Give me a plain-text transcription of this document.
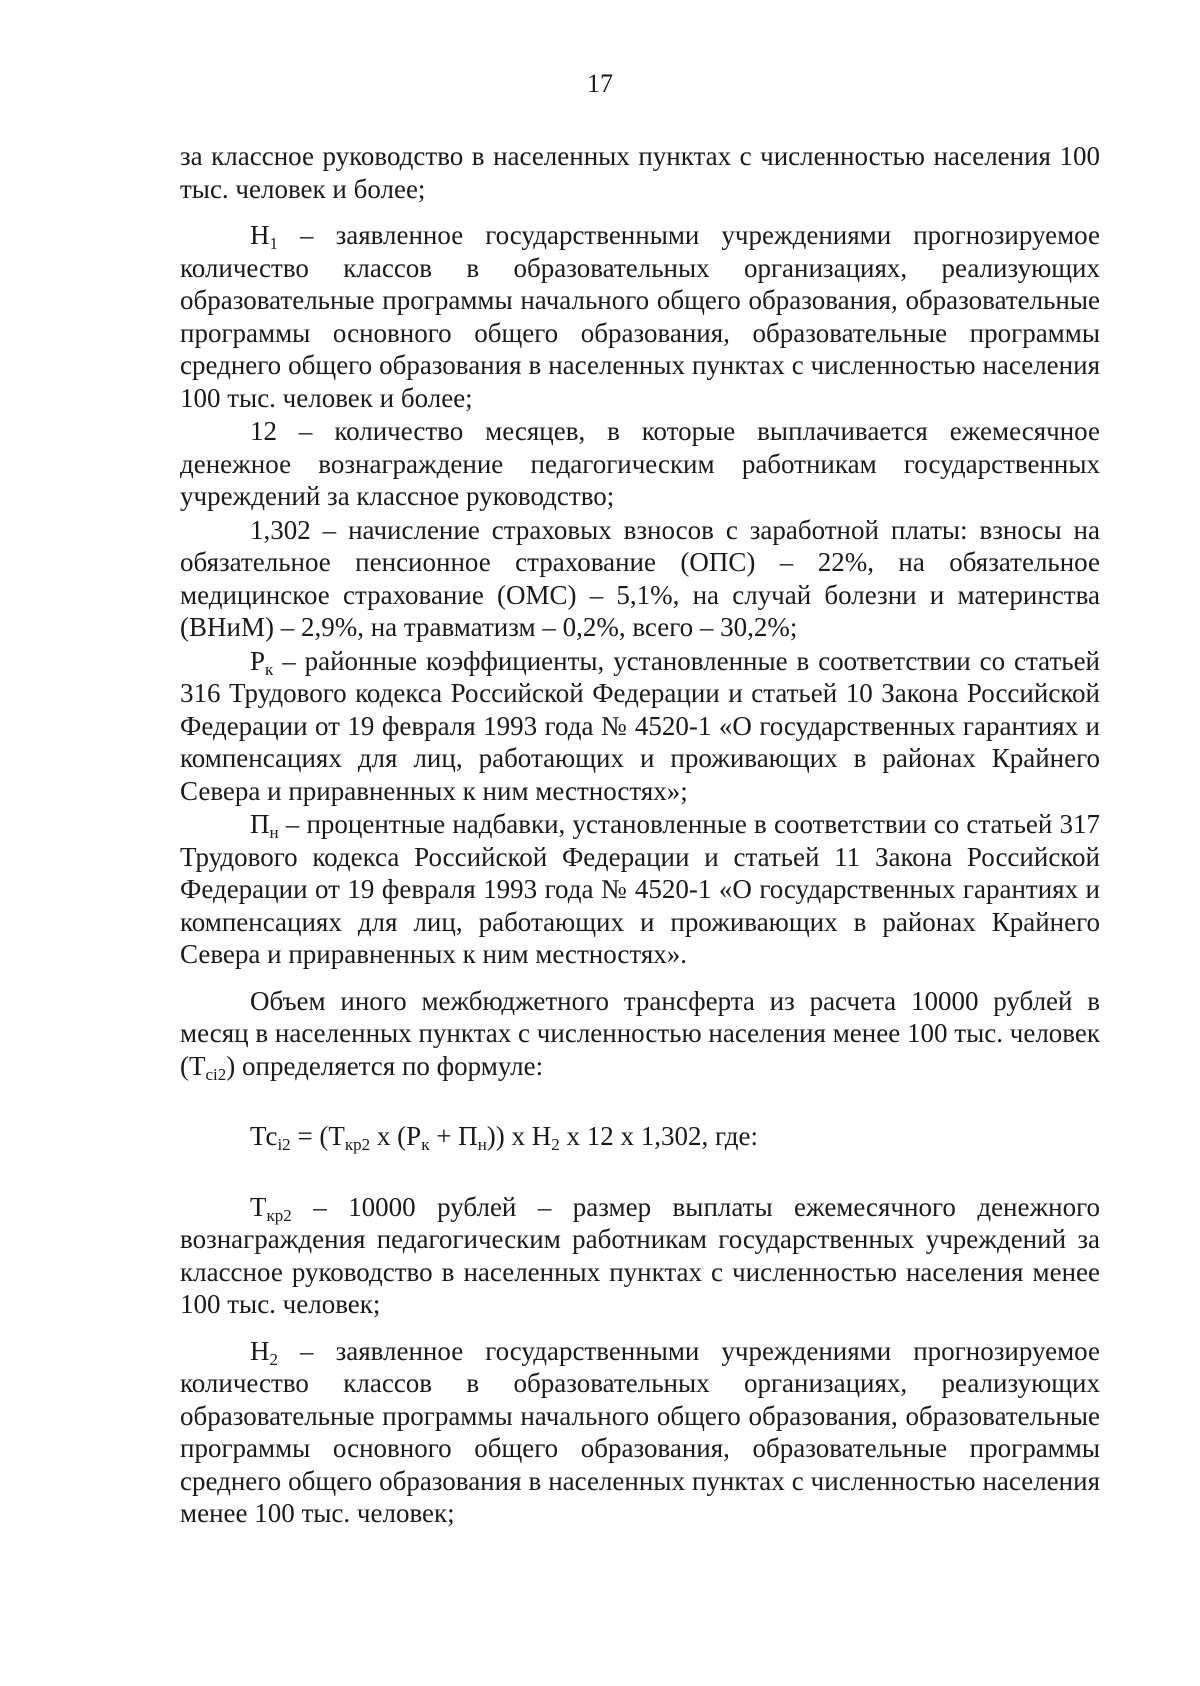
17

за классное руководство в населенных пунктах с численностью населения 100 тыс. человек и более;

$Н_1$ – заявленное государственными учреждениями прогнозируемое количество классов в образовательных организациях, реализующих образовательные программы начального общего образования, образовательные программы основного общего образования, образовательные программы среднего общего образования в населенных пунктах с численностью населения 100 тыс. человек и более;

12 – количество месяцев, в которые выплачивается ежемесячное денежное вознаграждение педагогическим работникам государственных учреждений за классное руководство;

1,302 – начисление страховых взносов с заработной платы: взносы на обязательное пенсионное страхование (ОПС) – 22%, на обязательное медицинское страхование (ОМС) – 5,1%, на случай болезни и материнства (ВНиМ) – 2,9%, на травматизм – 0,2%, всего – 30,2%;

$Р_к$ – районные коэффициенты, установленные в соответствии со статьей 316 Трудового кодекса Российской Федерации и статьей 10 Закона Российской Федерации от 19 февраля 1993 года № 4520-1 «О государственных гарантиях и компенсациях для лиц, работающих и проживающих в районах Крайнего Севера и приравненных к ним местностях»;

$П_н$ – процентные надбавки, установленные в соответствии со статьей 317 Трудового кодекса Российской Федерации и статьей 11 Закона Российской Федерации от 19 февраля 1993 года № 4520-1 «О государственных гарантиях и компенсациях для лиц, работающих и проживающих в районах Крайнего Севера и приравненных к ним местностях».

Объем иного межбюджетного трансферта из расчета 10000 рублей в месяц в населенных пунктах с численностью населения менее 100 тыс. человек $(Т_{ci2})$ определяется по формуле:

$Тс_{i2} = (Т_{кр2}$ х $(Р_к + П_н)$) х $Н_2$ х 12 х 1,302, где:

$Т_{кр2} - 10000$ рублей – размер выплаты ежемесячного денежного вознаграждения педагогическим работникам государственных учреждений за классное руководство в населенных пунктах с численностью населения менее 100 тыс. человек;

$Н_2$ – заявленное государственными учреждениями прогнозируемое количество классов в образовательных организациях, реализующих образовательные программы начального общего образования, образовательные программы основного общего образования, образовательные программы среднего общего образования в населенных пунктах с численностью населения менее 100 тыс. человек;
